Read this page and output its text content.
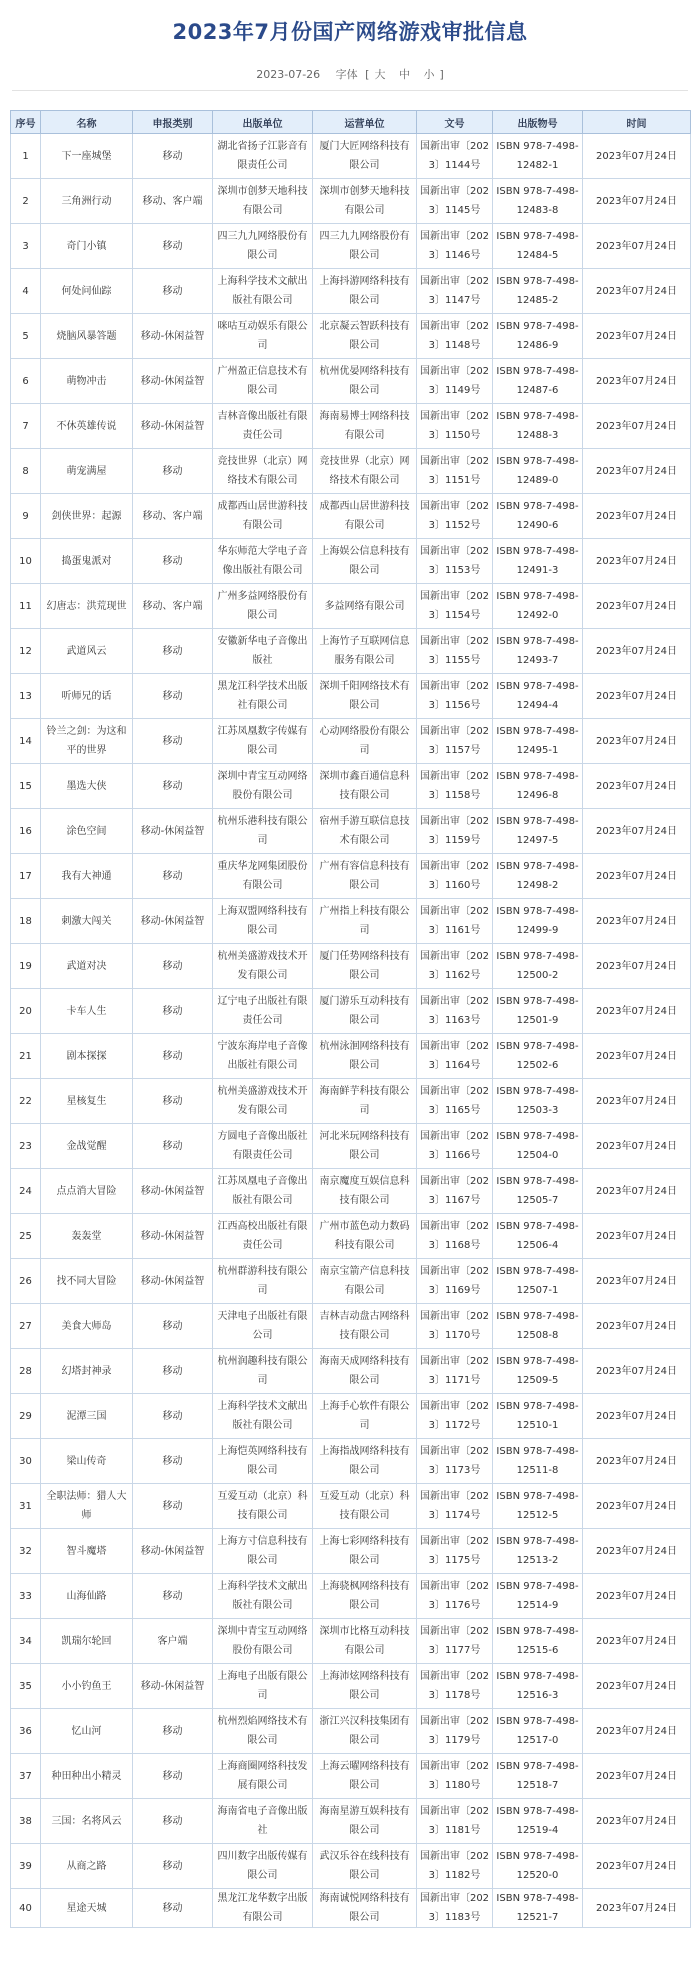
2023年7月份国产网络游戏审批信息
2023-07-26 字体 [ 大 中 小 ]
序号	名称	申报类别	出版单位	运营单位	文号	出版物号	时间
1	下一座城堡	移动	湖北省扬子江影音有限责任公司	厦门大匠网络科技有限公司	国新出审〔2023〕1144号	ISBN 978-7-498-12482-1	2023年07月24日
2	三角洲行动	移动、客户端	深圳市创梦天地科技有限公司	深圳市创梦天地科技有限公司	国新出审〔2023〕1145号	ISBN 978-7-498-12483-8	2023年07月24日
3	奇门小镇	移动	四三九九网络股份有限公司	四三九九网络股份有限公司	国新出审〔2023〕1146号	ISBN 978-7-498-12484-5	2023年07月24日
4	何处问仙踪	移动	上海科学技术文献出版社有限公司	上海抖游网络科技有限公司	国新出审〔2023〕1147号	ISBN 978-7-498-12485-2	2023年07月24日
5	烧脑风暴答题	移动-休闲益智	咪咕互动娱乐有限公司	北京凝云智跃科技有限公司	国新出审〔2023〕1148号	ISBN 978-7-498-12486-9	2023年07月24日
6	萌物冲击	移动-休闲益智	广州盈正信息技术有限公司	杭州优晏网络科技有限公司	国新出审〔2023〕1149号	ISBN 978-7-498-12487-6	2023年07月24日
7	不休英雄传说	移动-休闲益智	吉林音像出版社有限责任公司	海南易博士网络科技有限公司	国新出审〔2023〕1150号	ISBN 978-7-498-12488-3	2023年07月24日
8	萌宠满屋	移动	竞技世界（北京）网络技术有限公司	竞技世界（北京）网络技术有限公司	国新出审〔2023〕1151号	ISBN 978-7-498-12489-0	2023年07月24日
9	剑侠世界：起源	移动、客户端	成都西山居世游科技有限公司	成都西山居世游科技有限公司	国新出审〔2023〕1152号	ISBN 978-7-498-12490-6	2023年07月24日
10	捣蛋鬼派对	移动	华东师范大学电子音像出版社有限公司	上海娱公信息科技有限公司	国新出审〔2023〕1153号	ISBN 978-7-498-12491-3	2023年07月24日
11	幻唐志：洪荒现世	移动、客户端	广州多益网络股份有限公司	多益网络有限公司	国新出审〔2023〕1154号	ISBN 978-7-498-12492-0	2023年07月24日
12	武道风云	移动	安徽新华电子音像出版社	上海竹子互联网信息服务有限公司	国新出审〔2023〕1155号	ISBN 978-7-498-12493-7	2023年07月24日
13	听师兄的话	移动	黑龙江科学技术出版社有限公司	深圳千阳网络技术有限公司	国新出审〔2023〕1156号	ISBN 978-7-498-12494-4	2023年07月24日
14	铃兰之剑：为这和平的世界	移动	江苏凤凰数字传媒有限公司	心动网络股份有限公司	国新出审〔2023〕1157号	ISBN 978-7-498-12495-1	2023年07月24日
15	墨选大侠	移动	深圳中青宝互动网络股份有限公司	深圳市鑫百通信息科技有限公司	国新出审〔2023〕1158号	ISBN 978-7-498-12496-8	2023年07月24日
16	涂色空间	移动-休闲益智	杭州乐港科技有限公司	宿州手游互联信息技术有限公司	国新出审〔2023〕1159号	ISBN 978-7-498-12497-5	2023年07月24日
17	我有大神通	移动	重庆华龙网集团股份有限公司	广州有容信息科技有限公司	国新出审〔2023〕1160号	ISBN 978-7-498-12498-2	2023年07月24日
18	刺激大闯关	移动-休闲益智	上海双盟网络科技有限公司	广州指上科技有限公司	国新出审〔2023〕1161号	ISBN 978-7-498-12499-9	2023年07月24日
19	武道对决	移动	杭州美盛游戏技术开发有限公司	厦门任势网络科技有限公司	国新出审〔2023〕1162号	ISBN 978-7-498-12500-2	2023年07月24日
20	卡车人生	移动	辽宁电子出版社有限责任公司	厦门游乐互动科技有限公司	国新出审〔2023〕1163号	ISBN 978-7-498-12501-9	2023年07月24日
21	剧本探探	移动	宁波东海岸电子音像出版社有限公司	杭州泳洄网络科技有限公司	国新出审〔2023〕1164号	ISBN 978-7-498-12502-6	2023年07月24日
22	星核复生	移动	杭州美盛游戏技术开发有限公司	海南鲜芋科技有限公司	国新出审〔2023〕1165号	ISBN 978-7-498-12503-3	2023年07月24日
23	金战觉醒	移动	方圆电子音像出版社有限责任公司	河北米玩网络科技有限公司	国新出审〔2023〕1166号	ISBN 978-7-498-12504-0	2023年07月24日
24	点点消大冒险	移动-休闲益智	江苏凤凰电子音像出版社有限公司	南京魔度互娱信息科技有限公司	国新出审〔2023〕1167号	ISBN 978-7-498-12505-7	2023年07月24日
25	轰轰堂	移动-休闲益智	江西高校出版社有限责任公司	广州市蓝色动力数码科技有限公司	国新出审〔2023〕1168号	ISBN 978-7-498-12506-4	2023年07月24日
26	找不同大冒险	移动-休闲益智	杭州群游科技有限公司	南京宝箭产信息科技有限公司	国新出审〔2023〕1169号	ISBN 978-7-498-12507-1	2023年07月24日
27	美食大师岛	移动	天津电子出版社有限公司	吉林吉动盘古网络科技有限公司	国新出审〔2023〕1170号	ISBN 978-7-498-12508-8	2023年07月24日
28	幻塔封神录	移动	杭州润趣科技有限公司	海南天成网络科技有限公司	国新出审〔2023〕1171号	ISBN 978-7-498-12509-5	2023年07月24日
29	泥潭三国	移动	上海科学技术文献出版社有限公司	上海手心软件有限公司	国新出审〔2023〕1172号	ISBN 978-7-498-12510-1	2023年07月24日
30	梁山传奇	移动	上海恺英网络科技有限公司	上海指战网络科技有限公司	国新出审〔2023〕1173号	ISBN 978-7-498-12511-8	2023年07月24日
31	全职法师：猎人大师	移动	互爱互动（北京）科技有限公司	互爱互动（北京）科技有限公司	国新出审〔2023〕1174号	ISBN 978-7-498-12512-5	2023年07月24日
32	智斗魔塔	移动-休闲益智	上海方寸信息科技有限公司	上海七彩网络科技有限公司	国新出审〔2023〕1175号	ISBN 978-7-498-12513-2	2023年07月24日
33	山海仙路	移动	上海科学技术文献出版社有限公司	上海骁枫网络科技有限公司	国新出审〔2023〕1176号	ISBN 978-7-498-12514-9	2023年07月24日
34	凯瑞尔轮回	客户端	深圳中青宝互动网络股份有限公司	深圳市比格互动科技有限公司	国新出审〔2023〕1177号	ISBN 978-7-498-12515-6	2023年07月24日
35	小小钓鱼王	移动-休闲益智	上海电子出版有限公司	上海沛炫网络科技有限公司	国新出审〔2023〕1178号	ISBN 978-7-498-12516-3	2023年07月24日
36	忆山河	移动	杭州烈焰网络技术有限公司	浙江兴汉科技集团有限公司	国新出审〔2023〕1179号	ISBN 978-7-498-12517-0	2023年07月24日
37	种田种出小精灵	移动	上海商圈网络科技发展有限公司	上海云曜网络科技有限公司	国新出审〔2023〕1180号	ISBN 978-7-498-12518-7	2023年07月24日
38	三国：名将风云	移动	海南省电子音像出版社	海南星游互娱科技有限公司	国新出审〔2023〕1181号	ISBN 978-7-498-12519-4	2023年07月24日
39	从商之路	移动	四川数字出版传媒有限公司	武汉乐谷在线科技有限公司	国新出审〔2023〕1182号	ISBN 978-7-498-12520-0	2023年07月24日
40	星途天城	移动	黑龙江龙华数字出版有限公司	海南诚悦网络科技有限公司	国新出审〔2023〕1183号	ISBN 978-7-498-12521-7	2023年07月24日
